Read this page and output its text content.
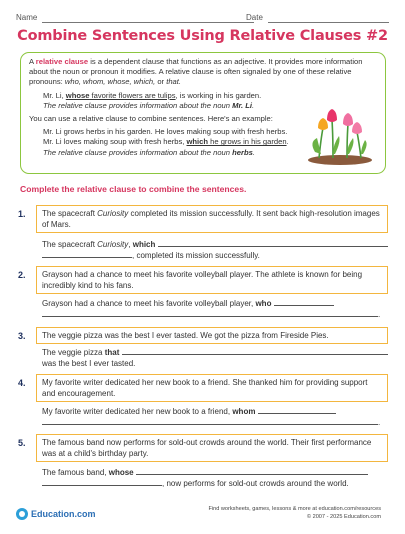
Name	Date
Combine Sentences Using Relative Clauses #2

A relative clause is a dependent clause that functions as an adjective. It provides more information about the noun or pronoun it modifies. A relative clause is often signaled by one of these relative pronouns: who, whom, whose, which, or that.

Mr. Li, whose favorite flowers are tulips, is working in his garden.

The relative clause provides information about the noun Mr. Li.

You can use a relative clause to combine sentences. Here's an example:

Mr. Li grows herbs in his garden. He loves making soup with fresh herbs.

Mr. Li loves making soup with fresh herbs, which he grows in his garden.

The relative clause provides information about the noun herbs.

Complete the relative clause to combine the sentences.
1.	The spacecraft Curiosity completed its mission successfully. It sent back high-resolution images of Mars.
The spacecraft Curiosity, which
, completed its mission successfully.
2.	Grayson had a chance to meet his favorite volleyball player. The athlete is known for being incredibly kind to his fans.
Grayson had a chance to meet his favorite volleyball player, who
.
3.	The veggie pizza was the best I ever tasted. We got the pizza from Fireside Pies.
The veggie pizza that
was the best I ever tasted.
4.	My favorite writer dedicated her new book to a friend. She thanked him for providing support and encouragement.
My favorite writer dedicated her new book to a friend, whom
.
5.	The famous band now performs for sold-out crowds around the world. Their first performance was at a child's birthday party.
The famous band, whose
, now performs for sold-out crowds around the world.
Education.com	Find worksheets, games, lessons & more at education.com/resources
© 2007 - 2025 Education.com
